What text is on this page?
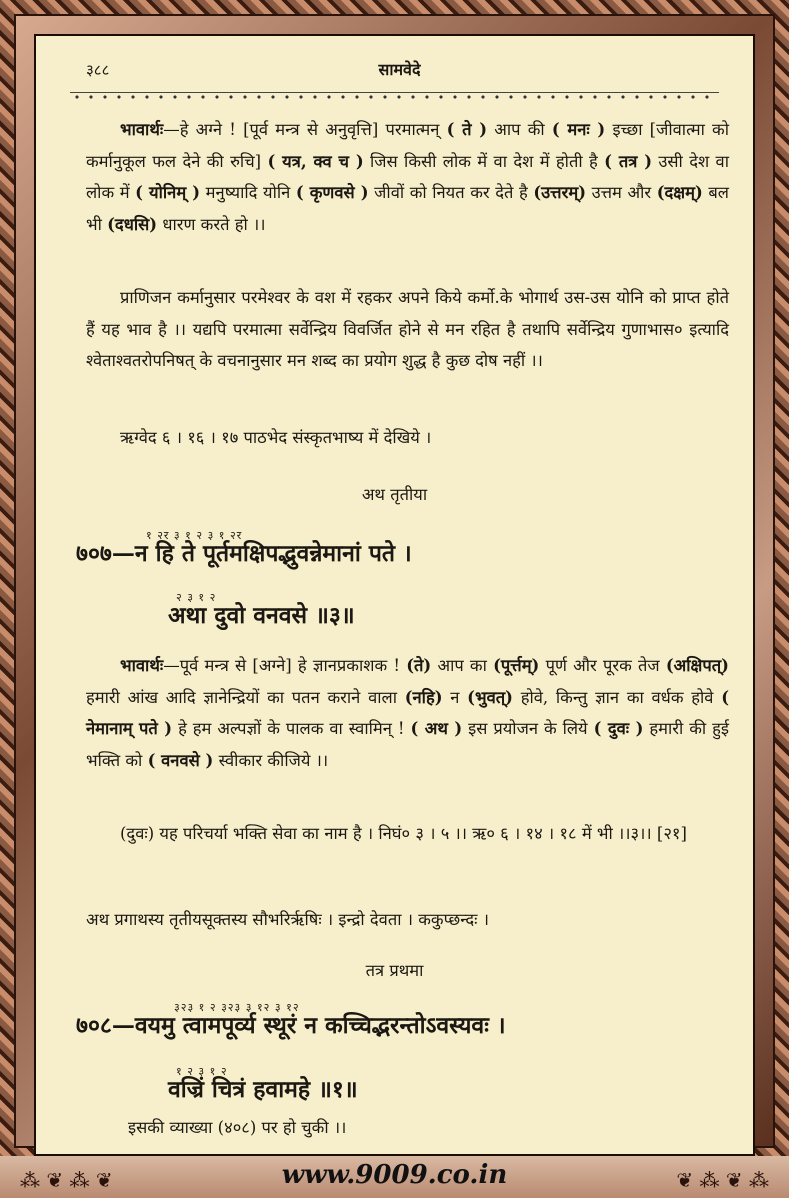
३८८	सामवेदे

भावार्थः—हे अग्ने ! [पूर्व मन्त्र से अनुवृत्ति] परमात्मन् ( ते ) आप की ( मनः ) इच्छा [जीवात्मा को कर्मानुकूल फल देने की रुचि] ( यत्र, क्व च ) जिस किसी लोक में वा देश में होती है ( तत्र ) उसी देश वा लोक में ( योनिम् ) मनुष्यादि योनि ( कृणवसे ) जीवों को नियत कर देते है (उत्तरम्) उत्तम और (दक्षम्) बल भी (दधसि) धारण करते हो ।।

प्राणिजन कर्मानुसार परमेश्वर के वश में रहकर अपने किये कर्मो.के भोगार्थ उस-उस योनि को प्राप्त होते हैं यह भाव है ।। यद्यपि परमात्मा सर्वेन्द्रिय विवर्जित होने से मन रहित है तथापि सर्वेन्द्रिय गुणाभास० इत्यादि श्वेताश्वतरोपनिषत् के वचनानुसार मन शब्द का प्रयोग शुद्ध है कुछ दोष नहीं ।।

ऋग्वेद ६ । १६ । १७ पाठभेद संस्कृतभाष्य में देखिये ।

अथ तृतीया
१ २र ३ १ २ ३ १ २र
७०७—न हि ते पूर्तमक्षिपद्भुवन्नेमानां पते ।
२ ३ १ २
अथा दुवो वनवसे ॥३॥

भावार्थः—पूर्व मन्त्र से [अग्ने] हे ज्ञानप्रकाशक ! (ते) आप का (पूर्त्तम्) पूर्ण और पूरक तेज (अक्षिपत्) हमारी आंख आदि ज्ञानेन्द्रियों का पतन कराने वाला (नहि) न (भुवत्) होवे, किन्तु ज्ञान का वर्धक होवे ( नेमानाम् पते ) हे हम अल्पज्ञों के पालक वा स्वामिन् ! ( अथ ) इस प्रयोजन के लिये ( दुवः ) हमारी की हुई भक्ति को ( वनवसे ) स्वीकार कीजिये ।।

(दुवः) यह परिचर्या भक्ति सेवा का नाम है । निघं० ३ । ५ ।। ऋ० ६ । १४ । १८ में भी ।।३।। [२१]

अथ प्रगाथस्य तृतीयसूक्तस्य सौभरिर्ऋषिः । इन्द्रो देवता । ककुप्छन्दः ।

तत्र प्रथमा
३२३ १ २ ३२३ ३ १२ ३ १२
७०८—वयमु त्वामपूर्व्य स्थूरं न कच्चिद्भरन्तोऽवस्यवः ।
१ २ ३ १ २
वज्रिं चित्रं हवामहे ॥१॥

इसकी व्याख्या (४०८) पर हो चुकी ।।

⁂ ❦ ⁂ ❦	❦ ⁂ ❦ ⁂
www.9009.co.in
